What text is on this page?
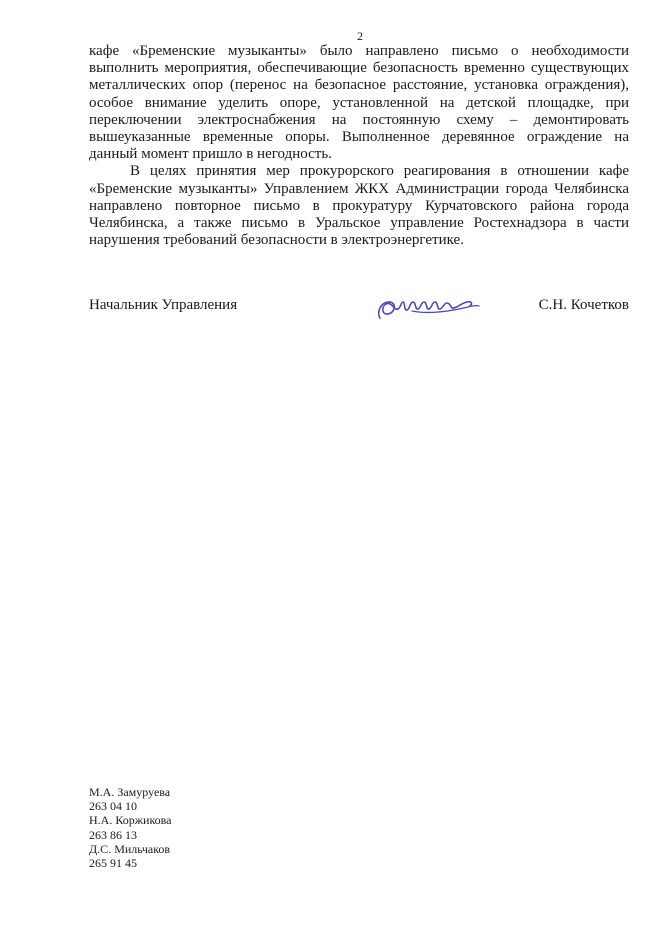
2

кафе «Бременские музыканты» было направлено письмо о необходимости выполнить мероприятия, обеспечивающие безопасность временно существующих металлических опор (перенос на безопасное расстояние, установка ограждения), особое внимание уделить опоре, установленной на детской площадке, при переключении электроснабжения на постоянную схему – демонтировать вышеуказанные временные опоры. Выполненное деревянное ограждение на данный момент пришло в негодность.

В целях принятия мер прокурорского реагирования в отношении кафе «Бременские музыканты» Управлением ЖКХ Администрации города Челябинска направлено повторное письмо в прокуратуру Курчатовского района города Челябинска, а также письмо в Уральское управление Ростехнадзора в части нарушения требований безопасности в электроэнергетике.

Начальник Управления	С.Н. Кочетков
М.А. Замуруева
263 04 10
Н.А. Коржикова
263 86 13
Д.С. Мильчаков
265 91 45
